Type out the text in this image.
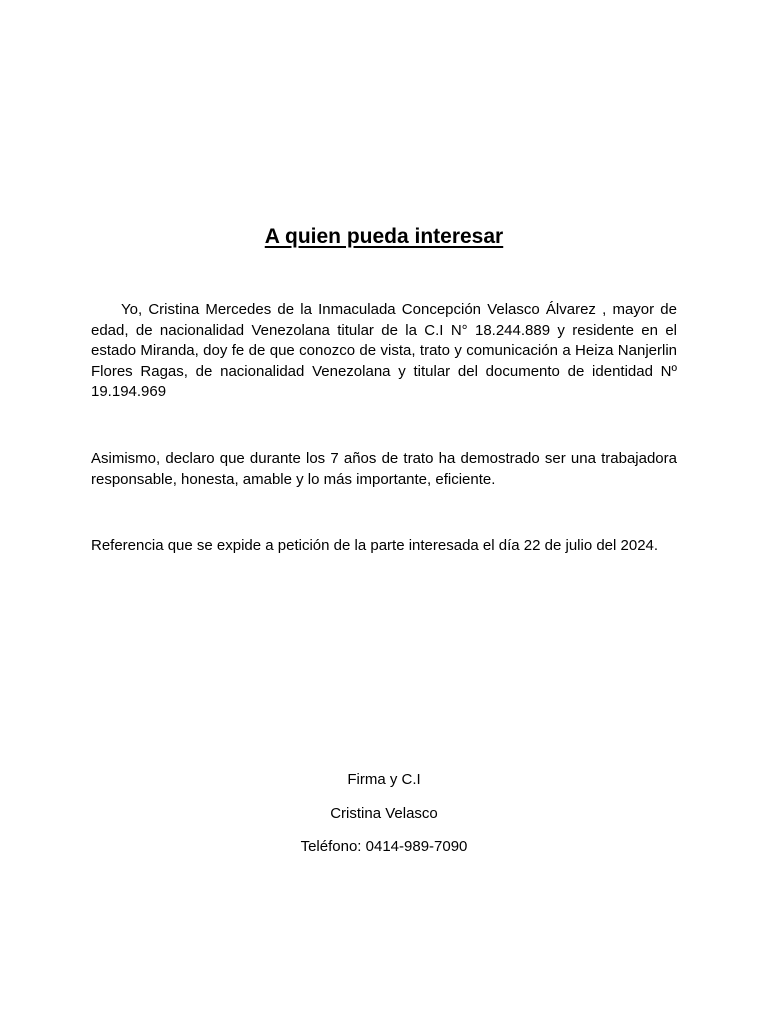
A quien pueda interesar

Yo, Cristina Mercedes de la Inmaculada Concepción Velasco Álvarez , mayor de edad, de nacionalidad Venezolana titular de la C.I N° 18.244.889 y residente en el estado Miranda, doy fe de que conozco de vista, trato y comunicación a Heiza Nanjerlin Flores Ragas, de nacionalidad Venezolana y titular del documento de identidad Nº 19.194.969

Asimismo, declaro que durante los 7 años de trato ha demostrado ser una trabajadora responsable, honesta, amable y lo más importante, eficiente.

Referencia que se expide a petición de la parte interesada el día 22 de julio del 2024.

Firma y C.I
Cristina Velasco
Teléfono: 0414-989-7090
